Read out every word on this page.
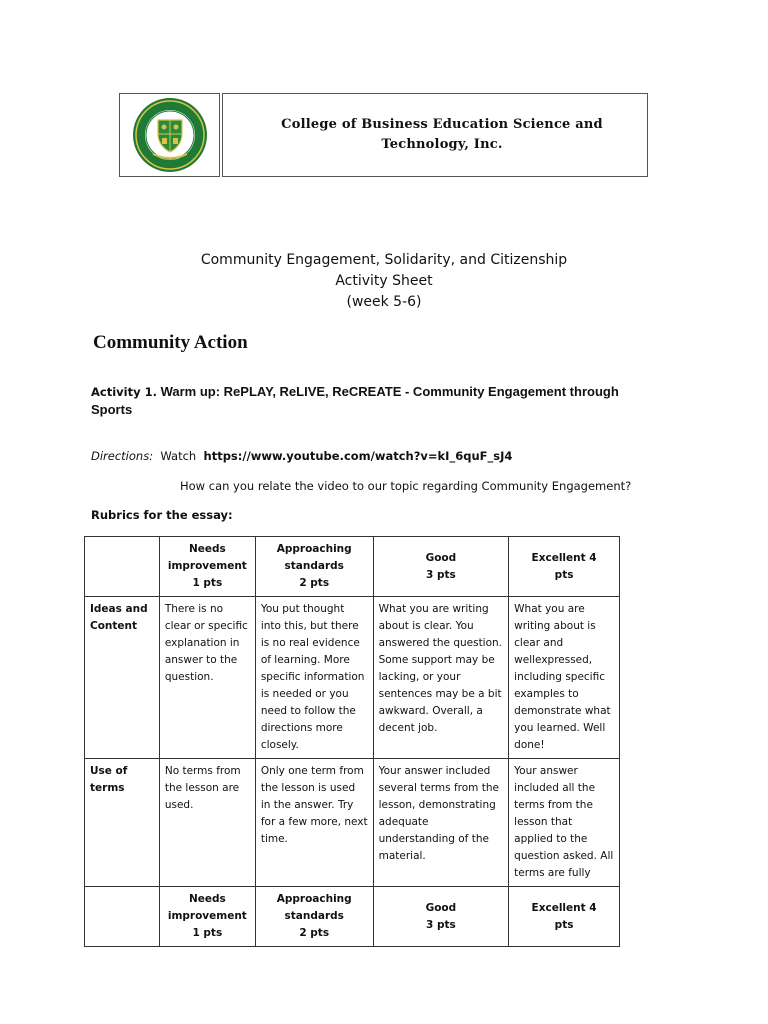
College of Business Education Science and
Technology, Inc.
Community Engagement, Solidarity, and Citizenship
Activity Sheet
(week 5-6)
Community Action
Activity 1. Warm up: RePLAY, ReLIVE, ReCREATE - Community Engagement through Sports
Directions: Watch https://www.youtube.com/watch?v=kI_6quF_sJ4
How can you relate the video to our topic regarding Community Engagement?
Rubrics for the essay:

	Needs
improvement
1 pts	Approaching
standards
2 pts	Good
3 pts	Excellent 4
pts

Ideas and Content	There is no clear or specific explanation in answer to the question.	You put thought into this, but there is no real evidence of learning. More specific information is needed or you need to follow the directions more closely.	What you are writing about is clear. You answered the question. Some support may be lacking, or your sentences may be a bit awkward. Overall, a decent job.	What you are writing about is clear and wellexpressed, including specific examples to demonstrate what you learned. Well done!
Use of terms	No terms from the lesson are used.	Only one term from the lesson is used in the answer. Try for a few more, next time.	Your answer included several terms from the lesson, demonstrating adequate understanding of the material.	Your answer included all the terms from the lesson that applied to the question asked. All terms are fully

	Needs
improvement
1 pts	Approaching
standards
2 pts	Good
3 pts	Excellent 4
pts
